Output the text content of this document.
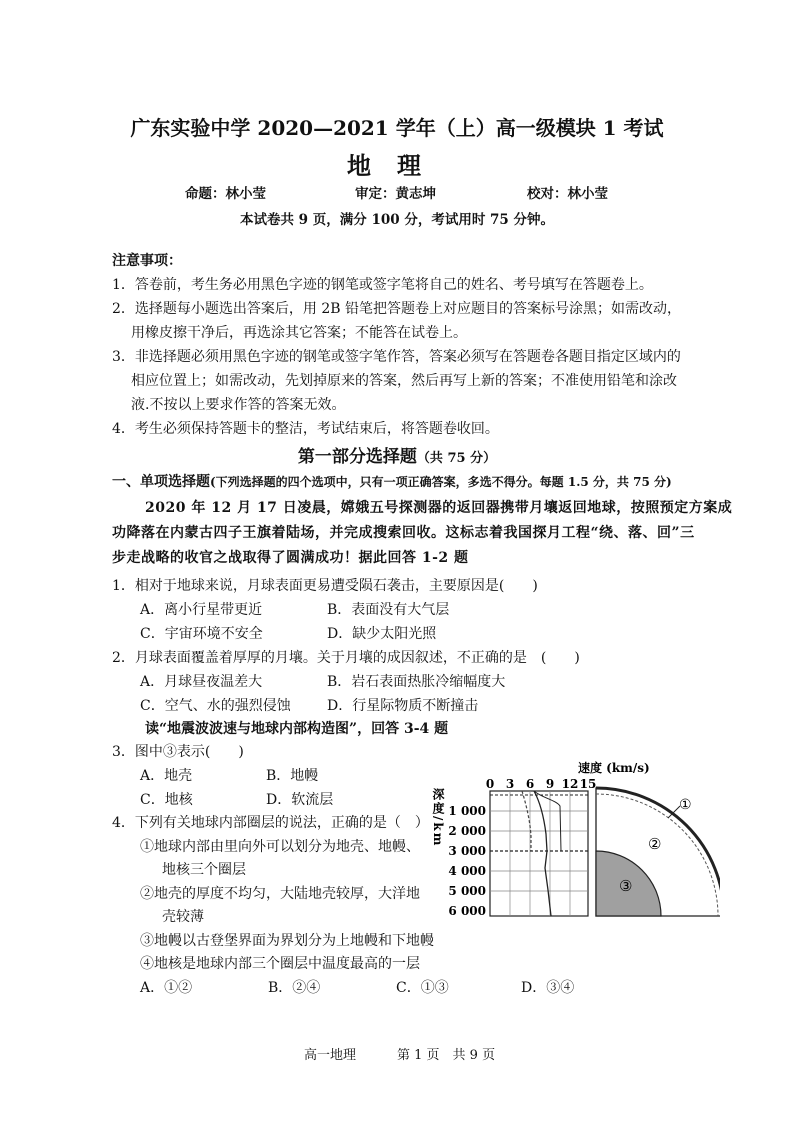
广东实验中学 2020—2021 学年（上）高一级模块 1 考试
地理
命题：林小莹	审定：黄志坤	校对：林小莹
本试卷共 9 页，满分 100 分，考试用时 75 分钟。
注意事项：
1．答卷前，考生务必用黑色字迹的钢笔或签字笔将自己的姓名、考号填写在答题卷上。
2．选择题每小题选出答案后，用 2B 铅笔把答题卷上对应题目的答案标号涂黑；如需改动，
用橡皮擦干净后，再选涂其它答案；不能答在试卷上。
3．非选择题必须用黑色字迹的钢笔或签字笔作答，答案必须写在答题卷各题目指定区域内的
相应位置上；如需改动，先划掉原来的答案，然后再写上新的答案；不准使用铅笔和涂改
液.不按以上要求作答的答案无效。
4．考生必须保持答题卡的整洁，考试结束后，将答题卷收回。
第一部分选择题（共 75 分）
一、单项选择题(下列选择题的四个选项中，只有一项正确答案，多选不得分。每题 1.5 分，共 75 分)
2020 年 12 月 17 日凌晨，嫦娥五号探测器的返回器携带月壤返回地球，按照预定方案成
功降落在内蒙古四子王旗着陆场，并完成搜索回收。这标志着我国探月工程“绕、落、回”三
步走战略的收官之战取得了圆满成功！据此回答 1-2 题
1．相对于地球来说，月球表面更易遭受陨石袭击，主要原因是(　　)
A．离小行星带更近	B．表面没有大气层
C．宇宙环境不安全	D．缺少太阳光照
2．月球表面覆盖着厚厚的月壤。关于月壤的成因叙述，不正确的是　(　　)
A．月球昼夜温差大	B．岩石表面热胀冷缩幅度大
C．空气、水的强烈侵蚀	D．行星际物质不断撞击
读“地震波波速与地球内部构造图”，回答 3-4 题
3．图中③表示(　　)
A．地壳	B．地幔
C．地核	D．软流层
4．下列有关地球内部圈层的说法，正确的是（　）
①地球内部由里向外可以划分为地壳、地幔、
地核三个圈层
②地壳的厚度不均匀，大陆地壳较厚，大洋地
壳较薄
③地幔以古登堡界面为界划分为上地幔和下地幔
④地核是地球内部三个圈层中温度最高的一层
A．①②	B．②④	C．①③	D．③④
速度 (km/s)
0 3 6 9 12 15
深度/km 1 000
2 000
3 000
4 000
5 000
6 000
①
②
③
高一地理	第 1 页　共 9 页
